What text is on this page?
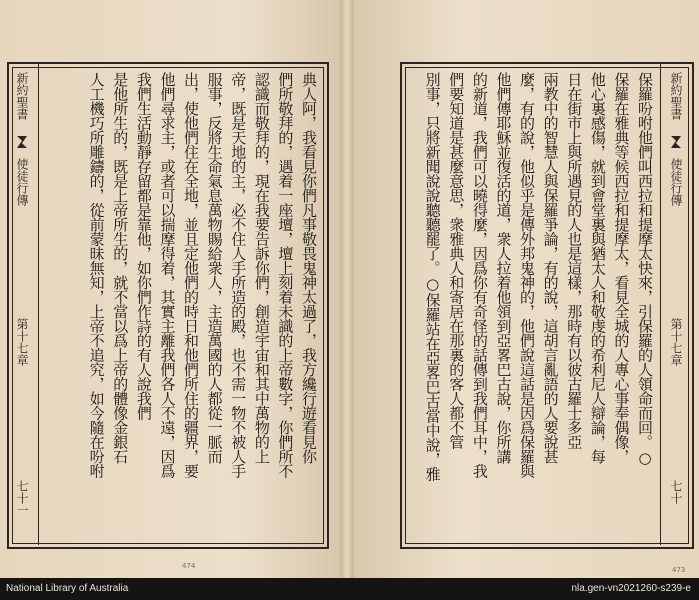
新約聖書
使徒行傳
第十七章
七十一
典人阿，我看見你們凡事敬畏鬼神太過了，我方纔行遊看見你
們所敬拜的，遇着一座壇，壇上刻着未識的上帝數字，你們所不
認識而敬拜的，現在我要告訴你們，創造宇宙和其中萬物的上
帝，既是天地的主，必不住人手所造的殿，也不需一物不被人手
服事，反將生命氣息萬物賜給衆人，主造萬國的人都從一脈而
出，使他們住在全地，並且定他們的時日和他們所住的疆界，要
他們尋求主，或者可以揣摩得着，其實主離我們各人不遠，因爲
我們生活動靜存留都是靠他，如你們作詩的有人說我們
是他所生的，既是上帝所生的，就不當以爲上帝的體像金銀石
人工機巧所雕鑄的，從前蒙昧無知，上帝不追究，如今隨在吩咐
474
新約聖書
使徒行傳
第十七章
七十
保羅吩咐他們叫西拉和提摩太快來，引保羅的人領命而回。○
保羅在雅典等候西拉和提摩太，看見全城的人專心事奉偶像，
他心裏感傷，就到會堂裏與猶太人和敬虔的希利尼人辯論，每
日在街市上與所遇見的人也是這樣，那時有以彼古羅士多亞
兩教中的智慧人與保羅爭論，有的說，這胡言亂語的人要說甚
麼，有的說，他似乎是傳外邦鬼神的，他們說這話是因爲保羅與
他們傳耶穌並復活的道，衆人拉着他領到亞畧巴古說，你所講
的新道，我們可以曉得麼，因爲你有奇怪的話傳到我們耳中，我
們要知道是甚麼意思，衆雅典人和寄居在那裏的客人都不管
別事，只將新聞說說聽聽罷了。○保羅站在亞畧巴古當中說，雅
473
National Library of Australia	nla.gen-vn2021260-s239-e
